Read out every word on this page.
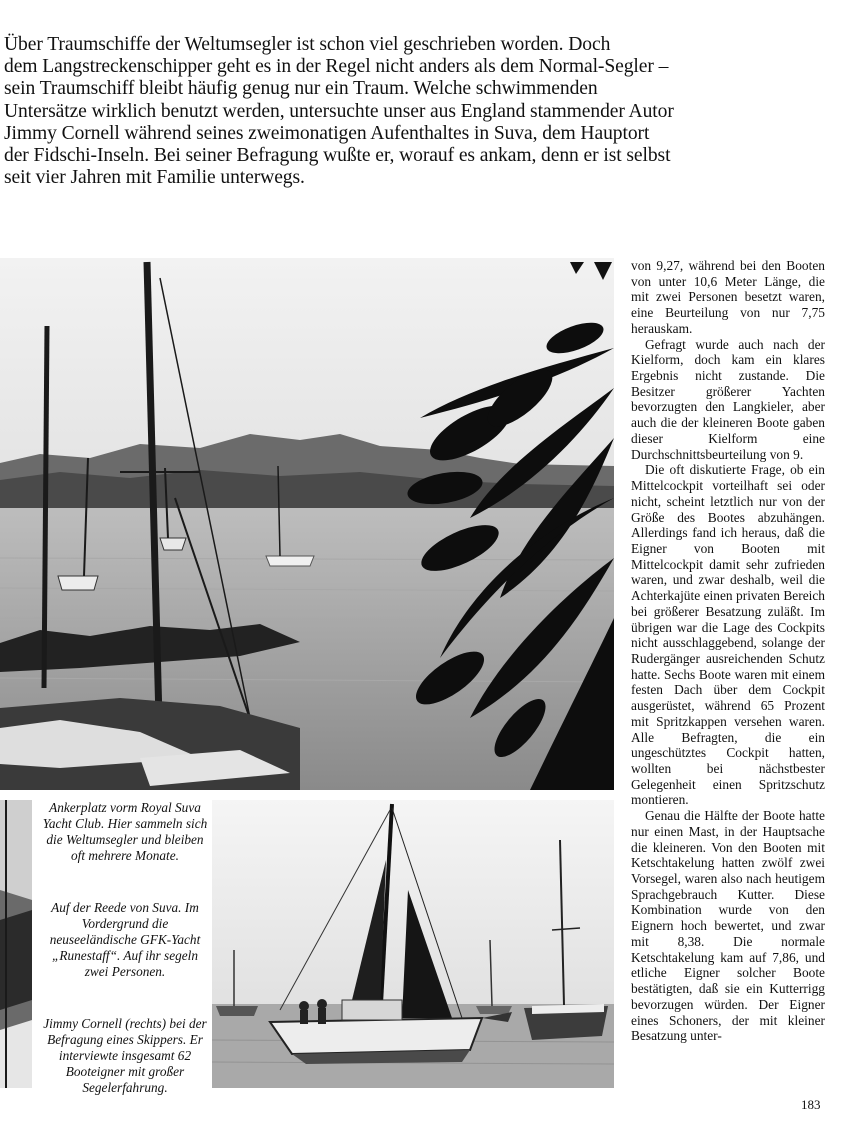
Über Traumschiffe der Weltumsegler ist schon viel geschrieben worden. Doch

dem Langstreckenschipper geht es in der Regel nicht anders als dem Normal-Segler –

sein Traumschiff bleibt häufig genug nur ein Traum. Welche schwimmenden

Untersätze wirklich benutzt werden, untersuchte unser aus England stammender Autor

Jimmy Cornell während seines zweimonatigen Aufenthaltes in Suva, dem Hauptort

der Fidschi-Inseln. Bei seiner Befragung wußte er, worauf es ankam, denn er ist selbst

seit vier Jahren mit Familie unterwegs.

Ankerplatz vorm Royal Suva Yacht Club. Hier sammeln sich die Weltumsegler und bleiben oft mehrere Monate.

Auf der Reede von Suva. Im Vordergrund die neuseeländische GFK-Yacht „Runestaff“. Auf ihr segeln zwei Personen.

Jimmy Cornell (rechts) bei der Befragung eines Skippers. Er interviewte insgesamt 62 Booteigner mit großer Segelerfahrung.

von 9,27, während bei den Booten von unter 10,6 Meter Länge, die mit zwei Personen besetzt waren, eine Beurteilung von nur 7,75 herauskam.

Gefragt wurde auch nach der Kielform, doch kam ein klares Ergebnis nicht zustande. Die Besitzer größerer Yachten bevorzugten den Langkieler, aber auch die der kleineren Boote gaben dieser Kielform eine Durchschnittsbeurteilung von 9.

Die oft diskutierte Frage, ob ein Mittelcockpit vorteilhaft sei oder nicht, scheint letztlich nur von der Größe des Bootes abzuhängen. Allerdings fand ich heraus, daß die Eigner von Booten mit Mittelcockpit damit sehr zufrieden waren, und zwar deshalb, weil die Achterkajüte einen privaten Bereich bei größerer Besatzung zuläßt. Im übrigen war die Lage des Cockpits nicht ausschlaggebend, solange der Rudergänger ausreichenden Schutz hatte. Sechs Boote waren mit einem festen Dach über dem Cockpit ausgerüstet, während 65 Prozent mit Spritzkappen versehen waren. Alle Befragten, die ein ungeschütztes Cockpit hatten, wollten bei nächstbester Gelegenheit einen Spritzschutz montieren.

Genau die Hälfte der Boote hatte nur einen Mast, in der Hauptsache die kleineren. Von den Booten mit Ketschtakelung hatten zwölf zwei Vorsegel, waren also nach heutigem Sprachgebrauch Kutter. Diese Kombination wurde von den Eignern hoch bewertet, und zwar mit 8,38. Die normale Ketschtakelung kam auf 7,86, und etliche Eigner solcher Boote bestätigten, daß sie ein Kutterrigg bevorzugen würden. Der Eigner eines Schoners, der mit kleiner Besatzung unter-

183
